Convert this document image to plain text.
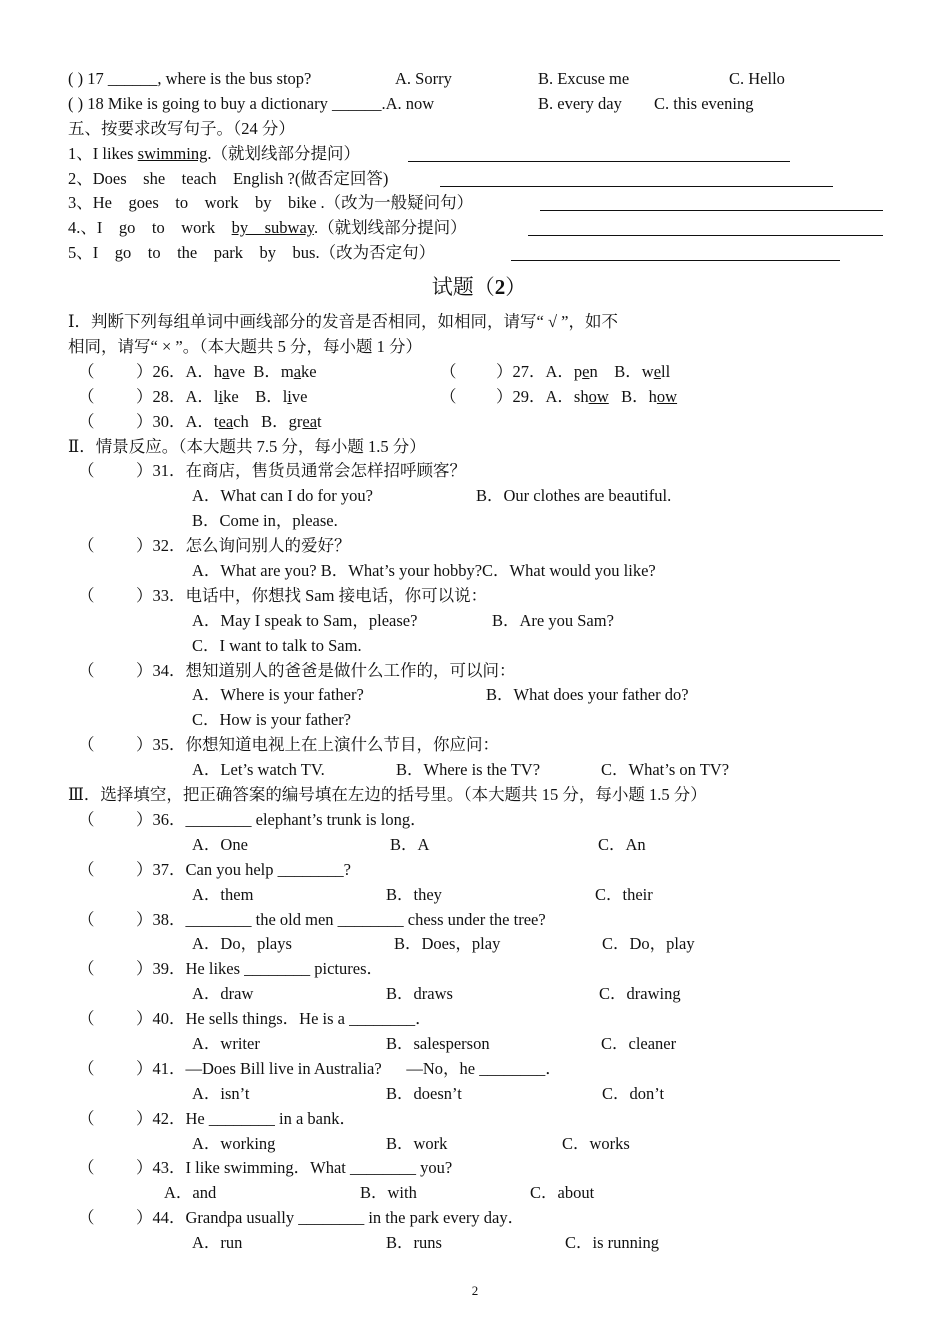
( ) 17 ______, where is the bus stop?	A. Sorry	B. Excuse me	C. Hello
( ) 18 Mike is going to buy a dictionary ______.A. now	B. every day C. this evening
五、按要求改写句子。（24 分）
1、I likes swimming.（就划线部分提问）
2、Does    she    teach    English ?(做否定回答)
3、He    goes    to    work    by    bike .（改为一般疑问句）
4.、I    go    to    work    by    subway.（就划线部分提问）
5、I    go    to    the    park    by    bus.（改为否定句）
试题（2）
Ⅰ．判断下列每组单词中画线部分的发音是否相同，如相同，请写“ √ ”，如不
相同，请写“ × ”。（本大题共 5 分，每小题 1 分）
（	）26．A．have  B．make	（ ）27．A．pen    B．well
（	）28．A．like    B．live	（ ）29．A．show   B．how
（	）30．A．teach   B．great
Ⅱ．情景反应。（本大题共 7.5 分，每小题 1.5 分）
（	）31．在商店，售货员通常会怎样招呼顾客？
A．What can I do for you?	B．Our clothes are beautiful.
B．Come in，please.
（	）32．怎么询问别人的爱好？
A．What are you? B．What’s your hobby?C．What would you like?
（	）33．电话中，你想找 Sam 接电话，你可以说：
A．May I speak to Sam，please?	B．Are you Sam?
C．I want to talk to Sam.
（	）34．想知道别人的爸爸是做什么工作的，可以问：
A．Where is your father?	B．What does your father do?
C．How is your father?
（	）35．你想知道电视上在上演什么节目，你应问：
A．Let’s watch TV.	B．Where is the TV?	C．What’s on TV?
Ⅲ．选择填空，把正确答案的编号填在左边的括号里。（本大题共 15 分，每小题 1.5 分）
（	）36．________ elephant’s trunk is long．
A．One	B．A	C．An
（	）37．Can you help ________?
A．them	B．they	C．their
（	）38．________ the old men ________ chess under the tree?
A．Do，plays	B．Does，play	C．Do，play
（	）39．He likes ________ pictures．
A．draw	B．draws	C．drawing
（	）40．He sells things．He is a ________．
A．writer	B．salesperson	C．cleaner
（	）41．—Does Bill live in Australia?      —No，he ________．
A．isn’t	B．doesn’t	C．don’t
（	）42．He ________ in a bank．
A．working	B．work	C．works
（	）43．I like swimming．What ________ you?
A．and	B．with	C．about
（	）44．Grandpa usually ________ in the park every day．
A．run	B．runs	C．is running
2
